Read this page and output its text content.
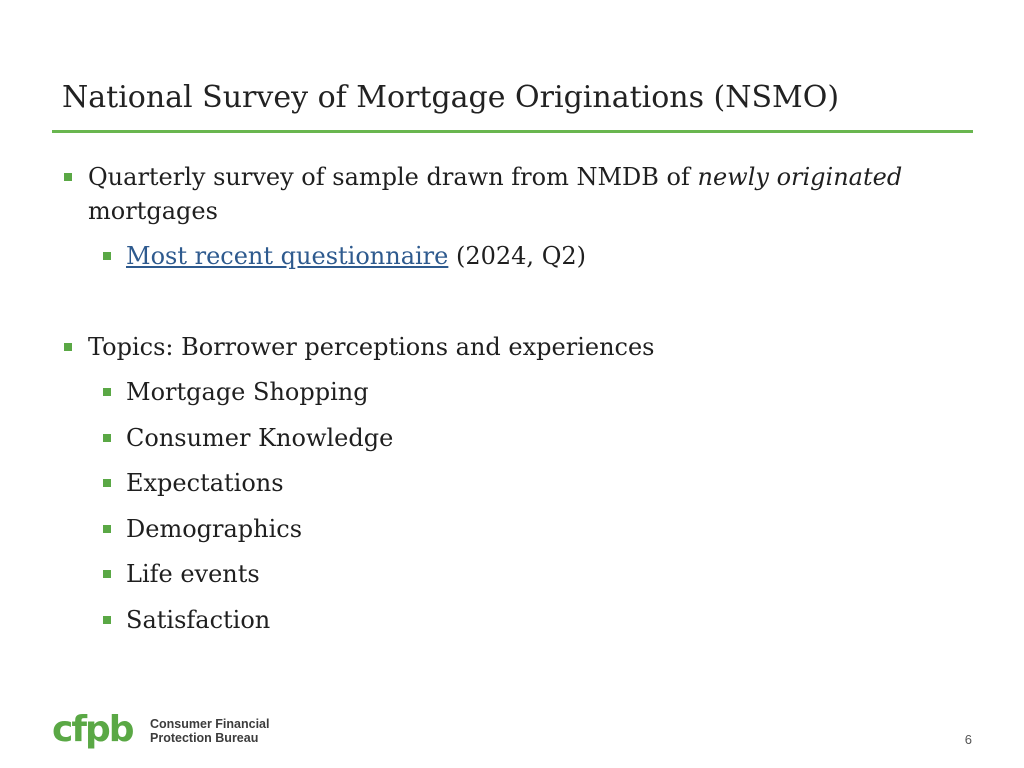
National Survey of Mortgage Originations (NSMO)
Quarterly survey of sample drawn from NMDB of newly originated
mortgages
Most recent questionnaire (2024, Q2)
Topics: Borrower perceptions and experiences
Mortgage Shopping
Consumer Knowledge
Expectations
Demographics
Life events
Satisfaction
cfpb Consumer Financial
Protection Bureau	6
